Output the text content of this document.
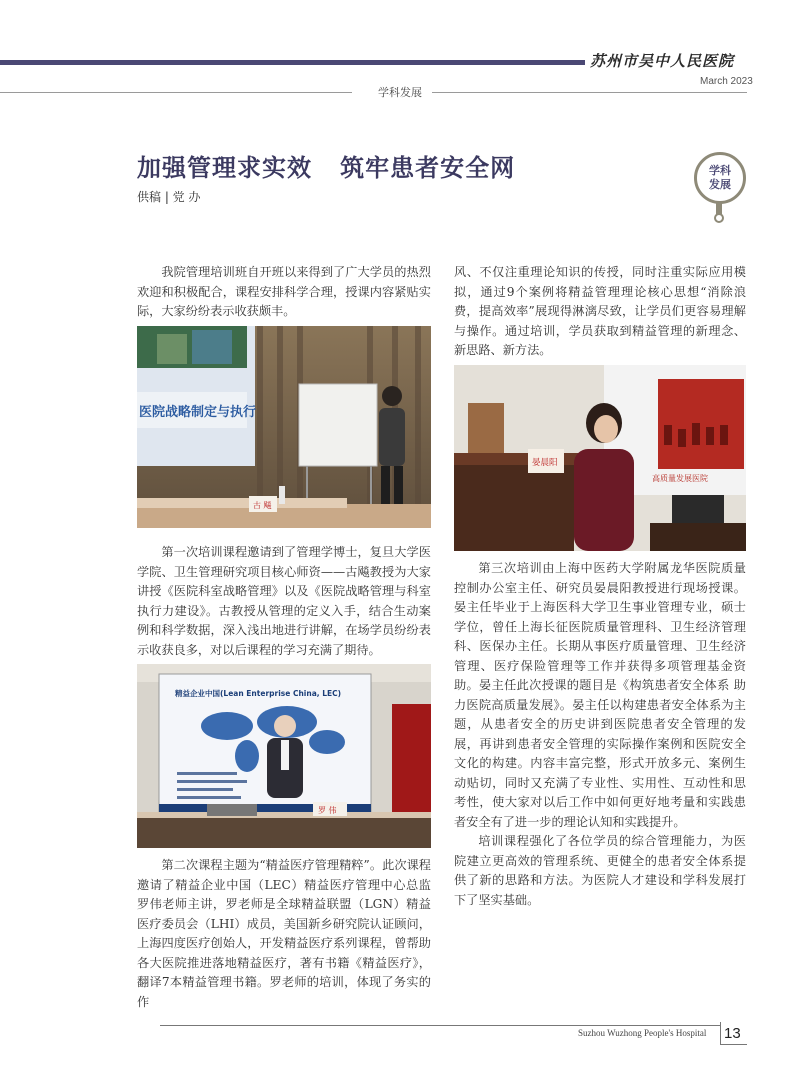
苏州市吴中人民医院
March 2023
学科发展
加强管理求实效   筑牢患者安全网
供稿 | 党 办
学科发展

我院管理培训班自开班以来得到了广大学员的热烈欢迎和积极配合，课程安排科学合理，授课内容紧贴实际，大家纷纷表示收获颇丰。

医院战略制定与执行
古 飚

第一次培训课程邀请到了管理学博士，复旦大学医学院、卫生管理研究项目核心师资——古飚教授为大家讲授《医院科室战略管理》以及《医院战略管理与科室执行力建设》。古教授从管理的定义入手，结合生动案例和科学数据，深入浅出地进行讲解，在场学员纷纷表示收获良多，对以后课程的学习充满了期待。

精益企业中国(Lean Enterprise China, LEC)
罗 伟

第二次课程主题为“精益医疗管理精粹”。此次课程邀请了精益企业中国（LEC）精益医疗管理中心总监罗伟老师主讲，罗老师是全球精益联盟（LGN）精益医疗委员会（LHI）成员，美国新乡研究院认证顾问，上海四度医疗创始人，开发精益医疗系列课程，曾帮助各大医院推进落地精益医疗，著有书籍《精益医疗》，翻译7本精益管理书籍。罗老师的培训，体现了务实的作

风、不仅注重理论知识的传授，同时注重实际应用模拟，通过9个案例将精益管理理论核心思想“消除浪费，提高效率”展现得淋漓尽致，让学员们更容易理解与操作。通过培训，学员获取到精益管理的新理念、新思路、新方法。

高质量发展医院
晏晨阳

第三次培训由上海中医药大学附属龙华医院质量控制办公室主任、研究员晏晨阳教授进行现场授课。晏主任毕业于上海医科大学卫生事业管理专业，硕士学位，曾任上海长征医院质量管理科、卫生经济管理科、医保办主任。长期从事医疗质量管理、卫生经济管理、医疗保险管理等工作并获得多项管理基金资助。晏主任此次授课的题目是《构筑患者安全体系 助力医院高质量发展》。晏主任以构建患者安全体系为主题，从患者安全的历史讲到医院患者安全管理的发展，再讲到患者安全管理的实际操作案例和医院安全文化的构建。内容丰富完整，形式开放多元、案例生动贴切，同时又充满了专业性、实用性、互动性和思考性，使大家对以后工作中如何更好地考量和实践患者安全有了进一步的理论认知和实践提升。

培训课程强化了各位学员的综合管理能力，为医院建立更高效的管理系统、更健全的患者安全体系提供了新的思路和方法。为医院人才建设和学科发展打下了坚实基础。

Suzhou Wuzhong People's Hospital 13
